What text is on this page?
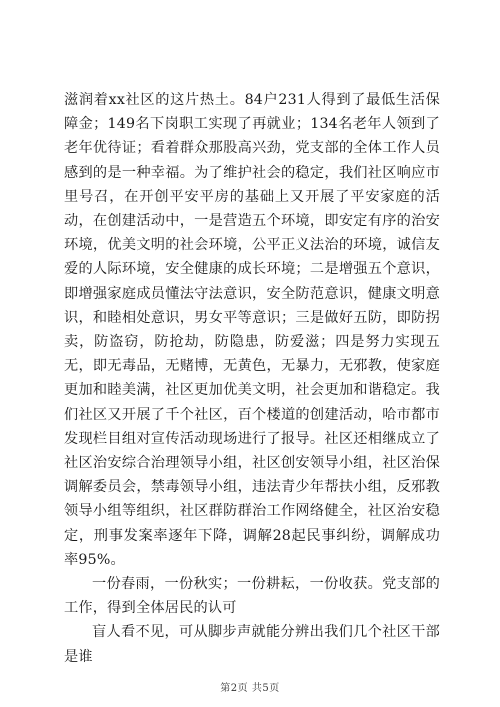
滋润着xx社区的这片热土。84户231人得到了最低生活保障金；149名下岗职工实现了再就业；134名老年人领到了老年优待证；看着群众那股高兴劲，党支部的全体工作人员感到的是一种幸福。为了维护社会的稳定，我们社区响应市里号召，在开创平安平房的基础上又开展了平安家庭的活动，在创建活动中，一是营造五个环境，即安定有序的治安环境，优美文明的社会环境，公平正义法治的环境，诚信友爱的人际环境，安全健康的成长环境；二是增强五个意识，即增强家庭成员懂法守法意识，安全防范意识，健康文明意识，和睦相处意识，男女平等意识；三是做好五防，即防拐卖，防盗窃，防抢劫，防隐患，防爱滋；四是努力实现五无，即无毒品，无赌博，无黄色，无暴力，无邪教，使家庭更加和睦美满，社区更加优美文明，社会更加和谐稳定。我们社区又开展了千个社区，百个楼道的创建活动，哈市都市发现栏目组对宣传活动现场进行了报导。社区还相继成立了社区治安综合治理领导小组，社区创安领导小组，社区治保调解委员会，禁毒领导小组，违法青少年帮扶小组，反邪教领导小组等组织，社区群防群治工作网络健全，社区治安稳定，刑事发案率逐年下降，调解28起民事纠纷，调解成功率95%。

一份春雨，一份秋实；一份耕耘，一份收获。党支部的工作，得到全体居民的认可

盲人看不见，可从脚步声就能分辨出我们几个社区干部是谁

第2页 共5页
